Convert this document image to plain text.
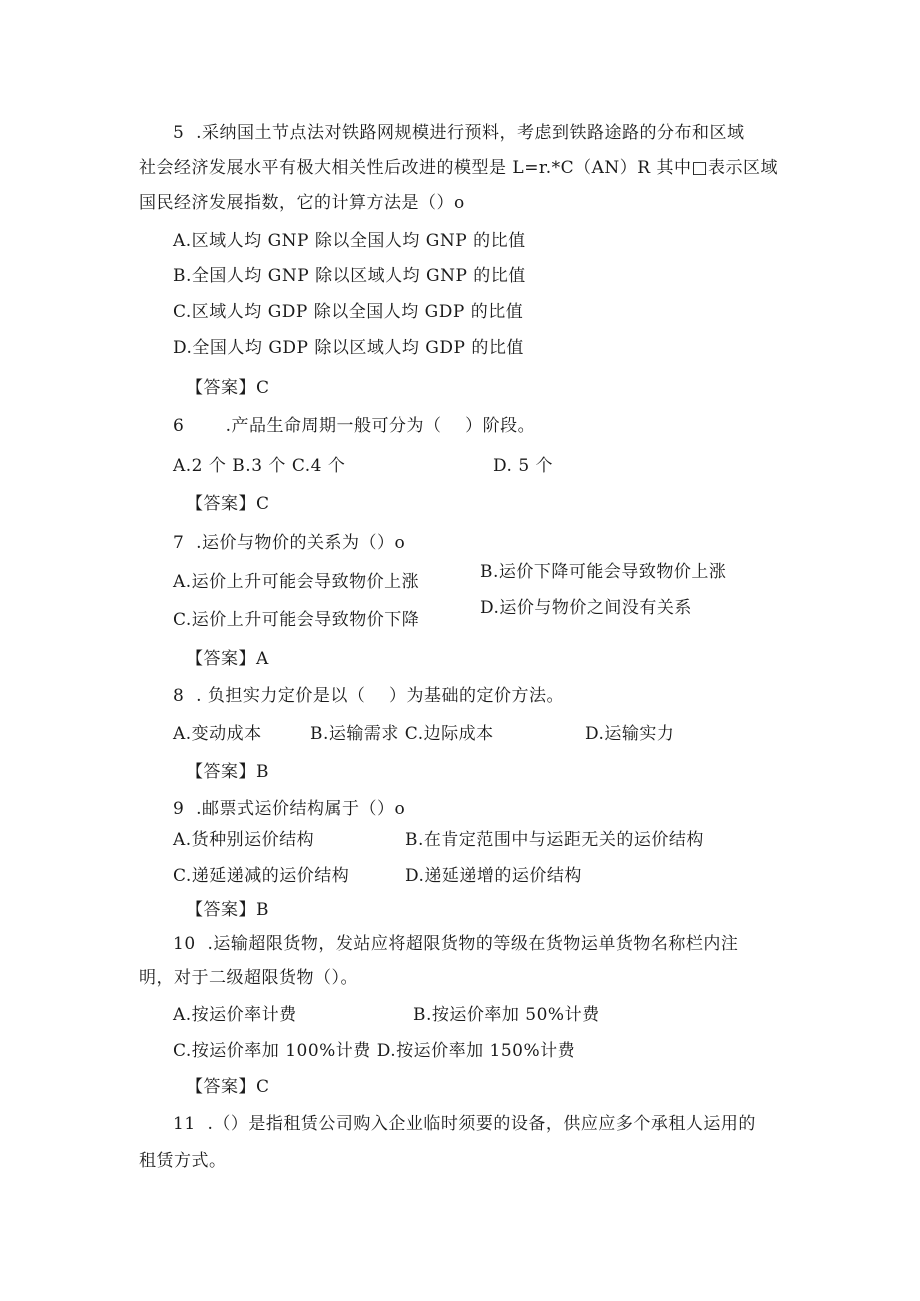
5  .采纳国土节点法对铁路网规模进行预料，考虑到铁路途路的分布和区域
社会经济发展水平有极大相关性后改进的模型是 L=r.*C（AN）R 其中□表示区域
国民经济发展指数，它的计算方法是（）o
A.区域人均 GNP 除以全国人均 GNP 的比值
B.全国人均 GNP 除以区域人均 GNP 的比值
C.区域人均 GDP 除以全国人均 GDP 的比值
D.全国人均 GDP 除以区域人均 GDP 的比值
【答案】C
6       .产品生命周期一般可分为（    ）阶段。
A.2 个 B.3 个 C.4 个	D. 5 个
【答案】C
7  .运价与物价的关系为（）o
A.运价上升可能会导致物价上涨	B.运价下降可能会导致物价上涨
C.运价上升可能会导致物价下降
D.运价与物价之间没有关系
【答案】A
8  . 负担实力定价是以（    ）为基础的定价方法。
A.变动成本	B.运输需求 C.边际成本	D.运输实力
【答案】B
9  .邮票式运价结构属于（）o
A.货种别运价结构	B.在肯定范围中与运距无关的运价结构
C.递延递减的运价结构	D.递延递增的运价结构
【答案】B
10  .运输超限货物，发站应将超限货物的等级在货物运单货物名称栏内注
明，对于二级超限货物（）。
A.按运价率计费	B.按运价率加 50%计费
C.按运价率加 100%计费 D.按运价率加 150%计费
【答案】C
11  .（）是指租赁公司购入企业临时须要的设备，供应应多个承租人运用的
租赁方式。
